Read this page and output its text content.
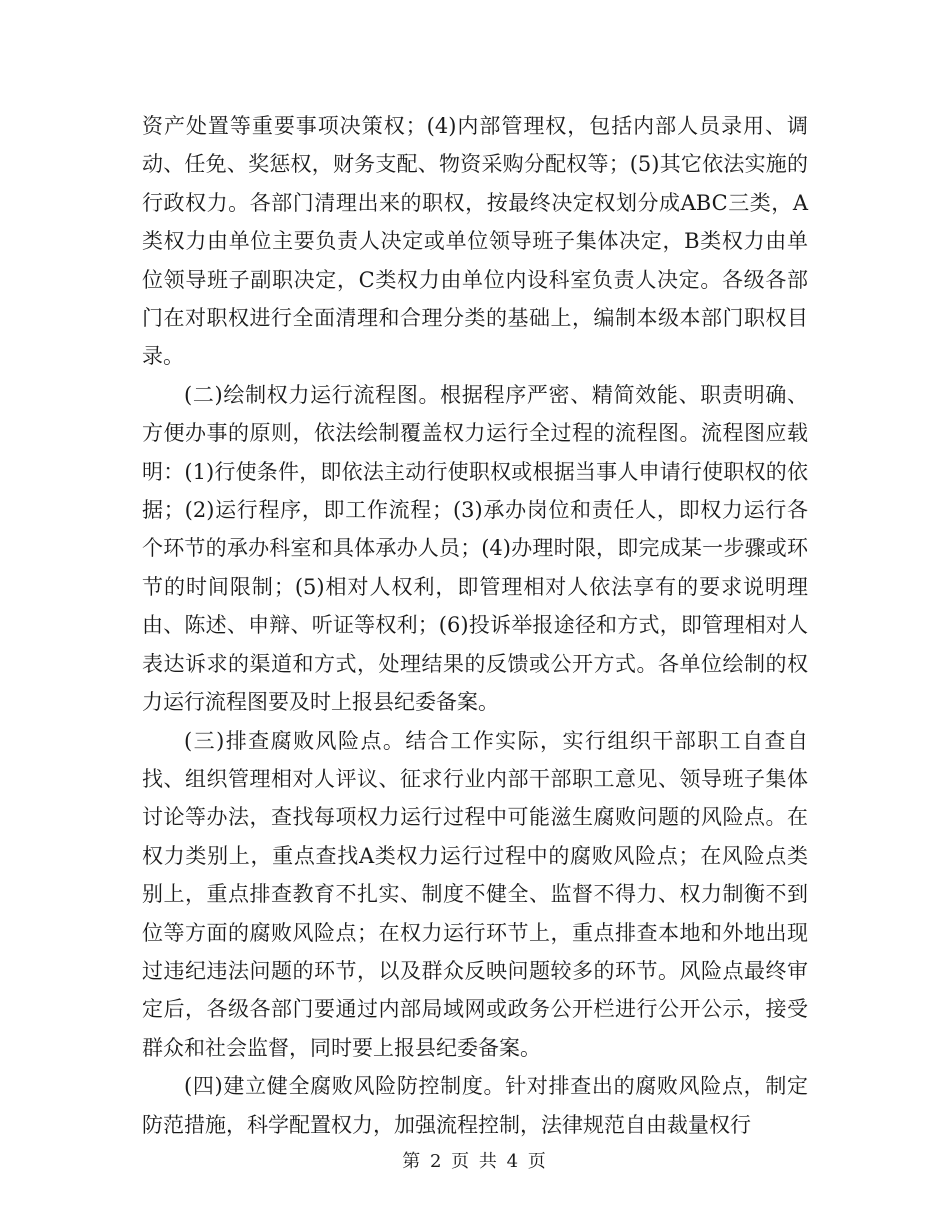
资产处置等重要事项决策权；(4)内部管理权，包括内部人员录用、调动、任免、奖惩权，财务支配、物资采购分配权等；(5)其它依法实施的行政权力。各部门清理出来的职权，按最终决定权划分成ABC三类，A类权力由单位主要负责人决定或单位领导班子集体决定，B类权力由单位领导班子副职决定，C类权力由单位内设科室负责人决定。各级各部门在对职权进行全面清理和合理分类的基础上，编制本级本部门职权目录。

(二)绘制权力运行流程图。根据程序严密、精简效能、职责明确、方便办事的原则，依法绘制覆盖权力运行全过程的流程图。流程图应载明：(1)行使条件，即依法主动行使职权或根据当事人申请行使职权的依据；(2)运行程序，即工作流程；(3)承办岗位和责任人，即权力运行各个环节的承办科室和具体承办人员；(4)办理时限，即完成某一步骤或环节的时间限制；(5)相对人权利，即管理相对人依法享有的要求说明理由、陈述、申辩、听证等权利；(6)投诉举报途径和方式，即管理相对人表达诉求的渠道和方式，处理结果的反馈或公开方式。各单位绘制的权力运行流程图要及时上报县纪委备案。

(三)排查腐败风险点。结合工作实际，实行组织干部职工自查自找、组织管理相对人评议、征求行业内部干部职工意见、领导班子集体讨论等办法，查找每项权力运行过程中可能滋生腐败问题的风险点。在权力类别上，重点查找A类权力运行过程中的腐败风险点；在风险点类别上，重点排查教育不扎实、制度不健全、监督不得力、权力制衡不到位等方面的腐败风险点；在权力运行环节上，重点排查本地和外地出现过违纪违法问题的环节，以及群众反映问题较多的环节。风险点最终审定后，各级各部门要通过内部局域网或政务公开栏进行公开公示，接受群众和社会监督，同时要上报县纪委备案。

(四)建立健全腐败风险防控制度。针对排查出的腐败风险点，制定防范措施，科学配置权力，加强流程控制，法律规范自由裁量权行

第 2 页 共 4 页
